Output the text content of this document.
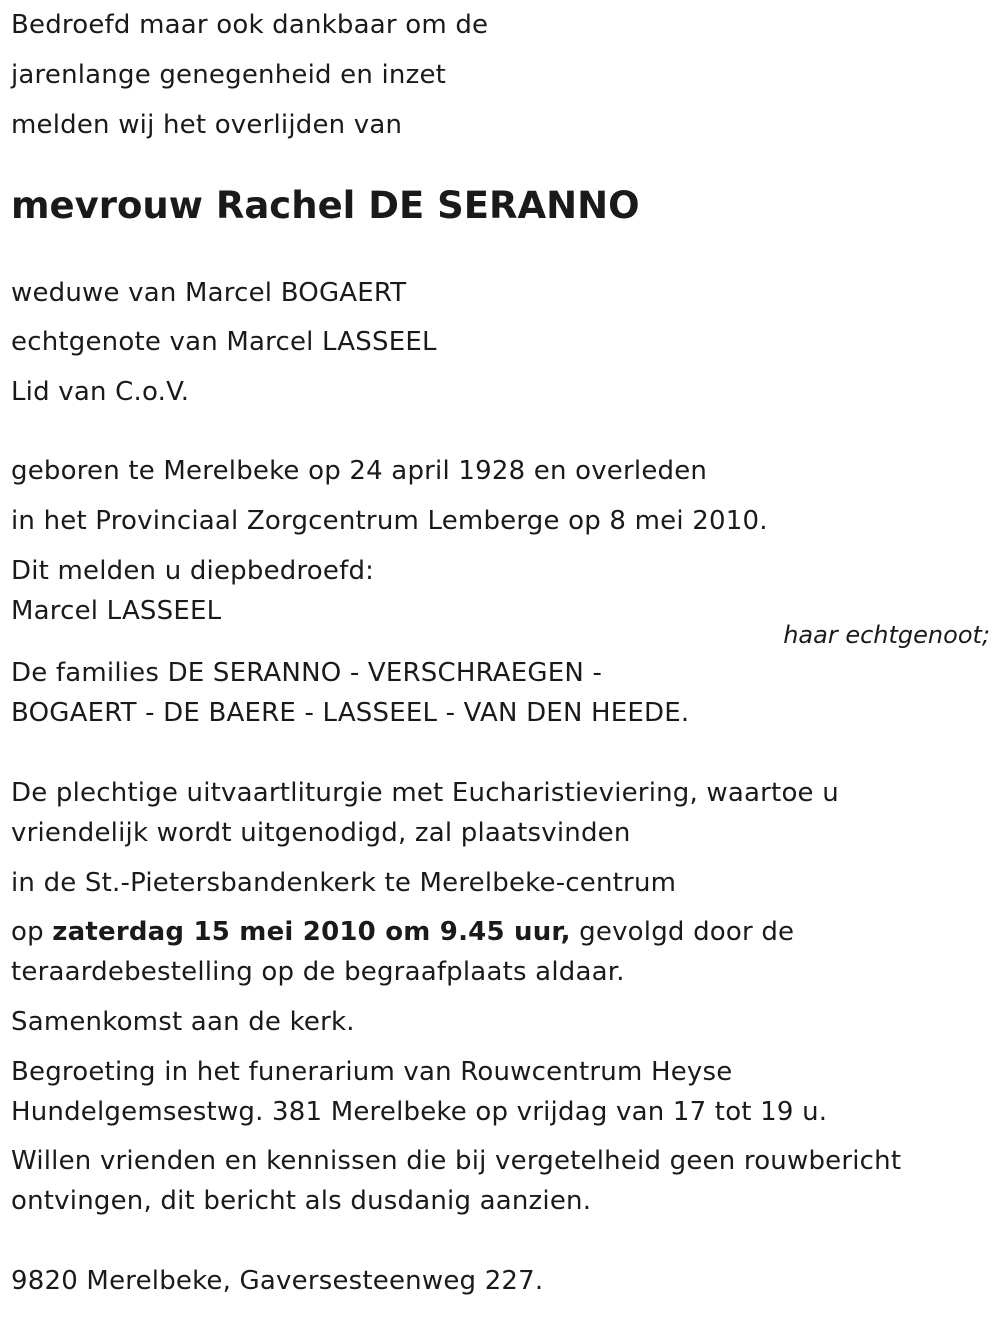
Bedroefd maar ook dankbaar om de
jarenlange genegenheid en inzet
melden wij het overlijden van
mevrouw Rachel DE SERANNO
weduwe van Marcel BOGAERT
echtgenote van Marcel LASSEEL
Lid van C.o.V.
geboren te Merelbeke op 24 april 1928 en overleden
in het Provinciaal Zorgcentrum Lemberge op 8 mei 2010.
Dit melden u diepbedroefd:
Marcel LASSEEL
haar echtgenoot;
De families DE SERANNO - VERSCHRAEGEN -
BOGAERT - DE BAERE - LASSEEL - VAN DEN HEEDE.
De plechtige uitvaartliturgie met Eucharistieviering, waartoe u
vriendelijk wordt uitgenodigd, zal plaatsvinden
in de St.-Pietersbandenkerk te Merelbeke-centrum
op zaterdag 15 mei 2010 om 9.45 uur, gevolgd door de
teraardebestelling op de begraafplaats aldaar.
Samenkomst aan de kerk.
Begroeting in het funerarium van Rouwcentrum Heyse
Hundelgemsestwg. 381 Merelbeke op vrijdag van 17 tot 19 u.
Willen vrienden en kennissen die bij vergetelheid geen rouwbericht
ontvingen, dit bericht als dusdanig aanzien.
9820 Merelbeke, Gaversesteenweg 227.
